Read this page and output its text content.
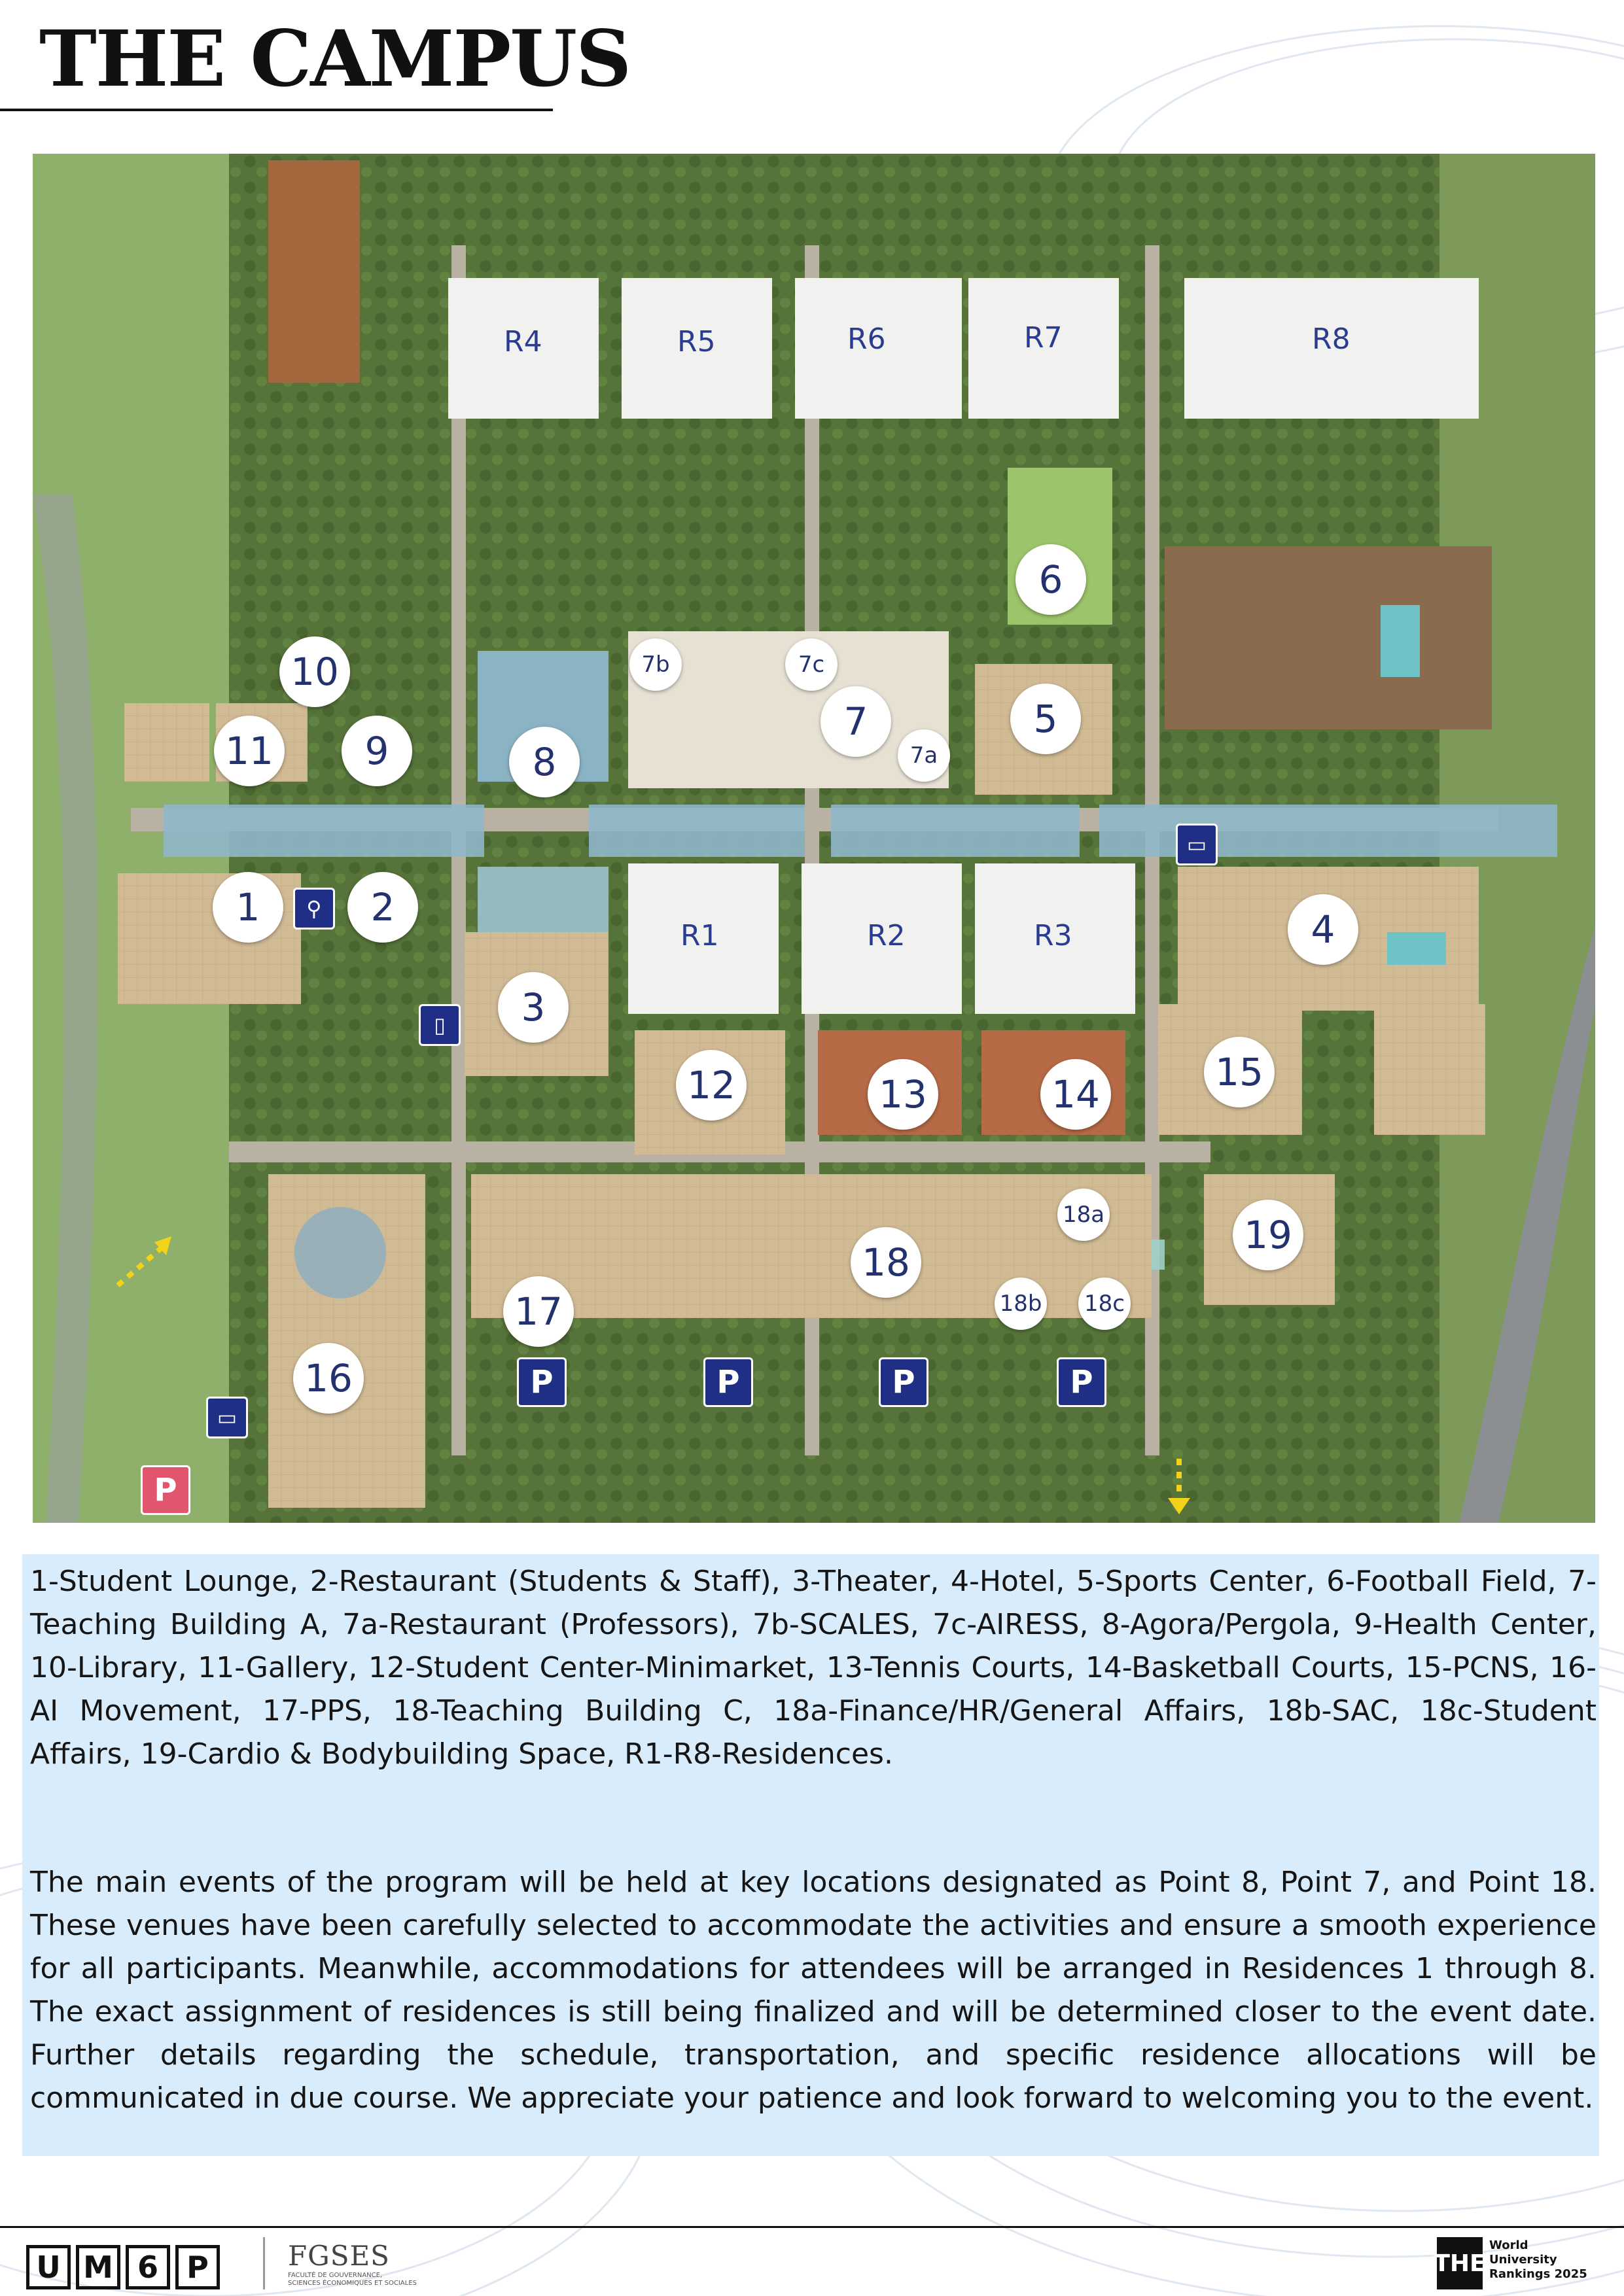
THE CAMPUS
R4	R5	R6	R7	R8
R1	R2	R3
1	2
3
4
5
6
7
7a
7b	7c
8
9
10
11
12	13	14	15
16
17
18
18a
18b 18c
19
⚲
▭
▯
▭
P	P	P	P
P

1-Student Lounge, 2-Restaurant (Students & Staff), 3-Theater, 4-Hotel, 5-Sports Center, 6-Football Field, 7-Teaching Building A, 7a-Restaurant (Professors), 7b-SCALES, 7c-AIRESS, 8-Agora/Pergola, 9-Health Center, 10-Library, 11-Gallery, 12-Student Center-Minimarket, 13-Tennis Courts, 14-Basketball Courts, 15-PCNS, 16-AI Movement, 17-PPS, 18-Teaching Building C, 18a-Finance/HR/General Affairs, 18b-SAC, 18c-Student Affairs, 19-Cardio & Bodybuilding Space, R1-R8-Residences.

The main events of the program will be held at key locations designated as Point 8, Point 7, and Point 18. These venues have been carefully selected to accommodate the activities and ensure a smooth experience for all participants. Meanwhile, accommodations for attendees will be arranged in Residences 1 through 8. The exact assignment of residences is still being finalized and will be determined closer to the event date. Further details regarding the schedule, transportation, and specific residence allocations will be communicated in due course. We appreciate your patience and look forward to welcoming you to the event.

U M 6 P	FGSES
FACULTÉ DE GOUVERNANCE,
SCIENCES ÉCONOMIQUES ET SOCIALES
THE
World
University
Rankings 2025
